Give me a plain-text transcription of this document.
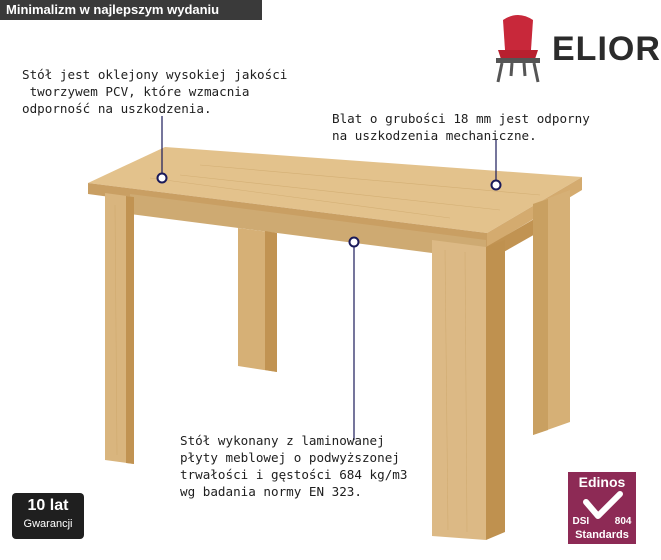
Minimalizm w najlepszym wydaniu
ELIOR
Stół jest oklejony wysokiej jakości
tworzywem PCV, które wzmacnia
odporność na uszkodzenia.
Blat o grubości 18 mm jest odporny
na uszkodzenia mechaniczne.
Stół wykonany z laminowanej
płyty meblowej o podwyższonej
trwałości i gęstości 684 kg/m3
wg badania normy EN 323.
10 lat
Gwarancji
Edinos
DSI	804
Standards
